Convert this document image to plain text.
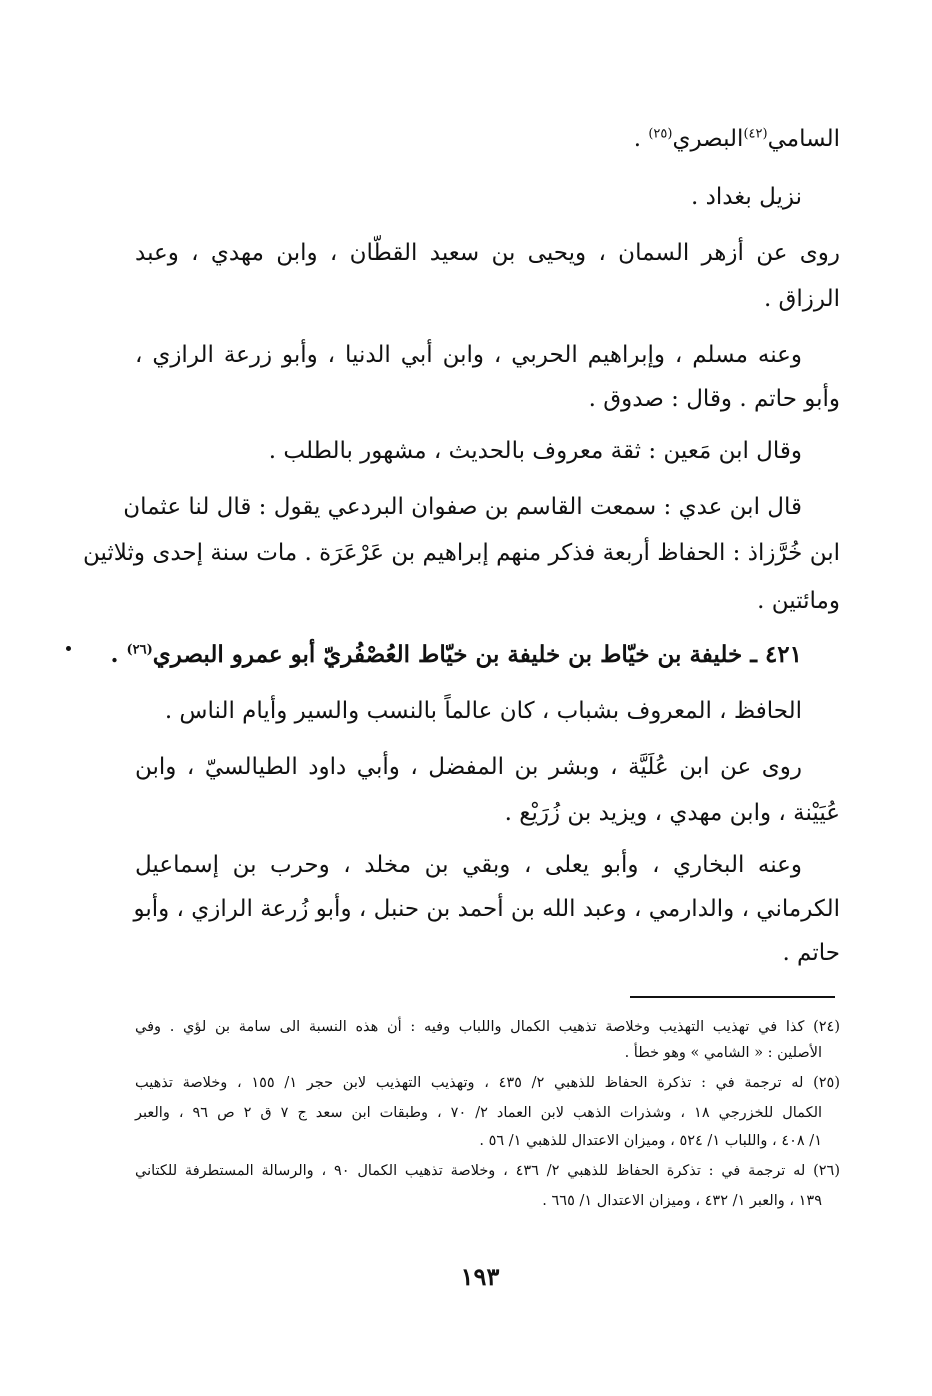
السامي$^{(٤٢)}$البصري$^{(٢٥)}$ .
نزيل بغداد .
روى عن أزهر السمان ، ويحيى بن سعيد القطّان ، وابن مهدي ، وعبد
الرزاق .
وعنه مسلم ، وإبراهيم الحربي ، وابن أبي الدنيا ، وأبو زرعة الرازي ،
وأبو حاتم . وقال : صدوق .
وقال ابن مَعين : ثقة معروف بالحديث ، مشهور بالطلب .
قال ابن عدي : سمعت القاسم بن صفوان البردعي يقول : قال لنا عثمان
ابن خُرَّزاذ : الحفاظ أربعة فذكر منهم إبراهيم بن عَرْعَرَة . مات سنة إحدى وثلاثين
ومائتين .
٤٢١ ـ خليفة بن خيّاط بن خليفة بن خيّاط العُصْفُريّ أبو عمرو البصري$^{(٢٦)}$ .
الحافظ ، المعروف بشباب ، كان عالماً بالنسب والسير وأيام الناس .
روى عن ابن عُلَيَّة ، وبشر بن المفضل ، وأبي داود الطيالسيّ ، وابن
عُيَيْنة ، وابن مهدي ، ويزيد بن زُرَيْع .
وعنه البخاري ، وأبو يعلى ، وبقي بن مخلد ، وحرب بن إسماعيل
الكرماني ، والدارمي ، وعبد الله بن أحمد بن حنبل ، وأبو زُرعة الرازي ، وأبو
حاتم .
(٢٤) كذا في تهذيب التهذيب وخلاصة تذهيب الكمال واللباب وفيه : أن هذه النسبة الى سامة بن لؤي . وفي
الأصلين : « الشامي » وهو خطأ .
(٢٥) له ترجمة في : تذكرة الحفاظ للذهبي ٢/ ٤٣٥ ، وتهذيب التهذيب لابن حجر ١/ ١٥٥ ، وخلاصة تذهيب
الكمال للخزرجي ١٨ ، وشذرات الذهب لابن العماد ٢/ ٧٠ ، وطبقات ابن سعد ج ٧ ق ٢ ص ٩٦ ، والعبر
١/ ٤٠٨ ، واللباب ١/ ٥٢٤ ، وميزان الاعتدال للذهبي ١/ ٥٦ .
(٢٦) له ترجمة في : تذكرة الحفاظ للذهبي ٢/ ٤٣٦ ، وخلاصة تذهيب الكمال ٩٠ ، والرسالة المستطرفة للكتاني
١٣٩ ، والعبر ١/ ٤٣٢ ، وميزان الاعتدال ١/ ٦٦٥ .
١٩٣
